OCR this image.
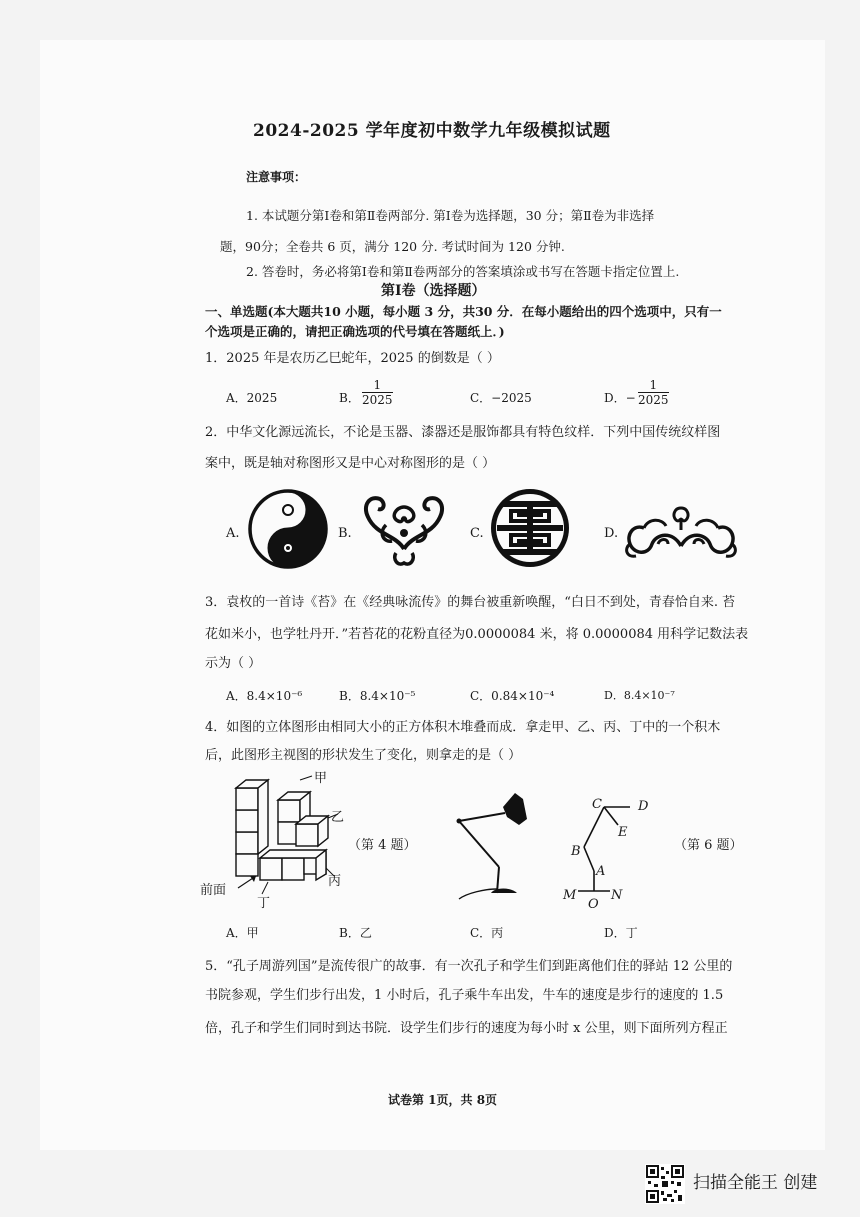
2024-2025 学年度初中数学九年级模拟试题
注意事项：
1. 本试题分第Ⅰ卷和第Ⅱ卷两部分. 第Ⅰ卷为选择题，30 分；第Ⅱ卷为非选择
题，90分；全卷共 6 页，满分 120 分. 考试时间为 120 分钟.
2. 答卷时，务必将第Ⅰ卷和第Ⅱ卷两部分的答案填涂或书写在答题卡指定位置上.
第Ⅰ卷（选择题）
一、单选题(本大题共10 小题，每小题 3 分，共30 分．在每小题给出的四个选项中，只有一
个选项是正确的，请把正确选项的代号填在答题纸上．)
1．2025 年是农历乙巳蛇年，2025 的倒数是（ ）
A．2025	B． $\frac{1}{2025}$	C．−2025	D．− $\frac{1}{2025}$
2．中华文化源远流长，不论是玉器、漆器还是服饰都具有特色纹样．下列中国传统纹样图
案中，既是轴对称图形又是中心对称图形的是（ ）
A.	B.	C.	D.
3．袁枚的一首诗《苔》在《经典咏流传》的舞台被重新唤醒，“白日不到处，青春恰自来. 苔
花如米小，也学牡丹开．”若苔花的花粉直径为0.0000084 米，将 0.0000084 用科学记数法表
示为（ ）
A．8.4×10⁻⁶	B．8.4×10⁻⁵	C．0.84×10⁻⁴	D．8.4×10⁻⁷
4．如图的立体图形由相同大小的正方体积木堆叠而成．拿走甲、乙、丙、丁中的一个积木
后，此图形主视图的形状发生了变化，则拿走的是（ ）
甲
乙
丙
丁
前面
（第 4 题）
C	D
E
B
A
M
O
N
（第 6 题）
A．甲	B．乙	C．丙	D．丁
5．“孔子周游列国”是流传很广的故事．有一次孔子和学生们到距离他们住的驿站 12 公里的
书院参观，学生们步行出发，1 小时后，孔子乘牛车出发，牛车的速度是步行的速度的 1.5
倍，孔子和学生们同时到达书院．设学生们步行的速度为每小时 x 公里，则下面所列方程正
试卷第 1页，共 8页
扫描全能王 创建
